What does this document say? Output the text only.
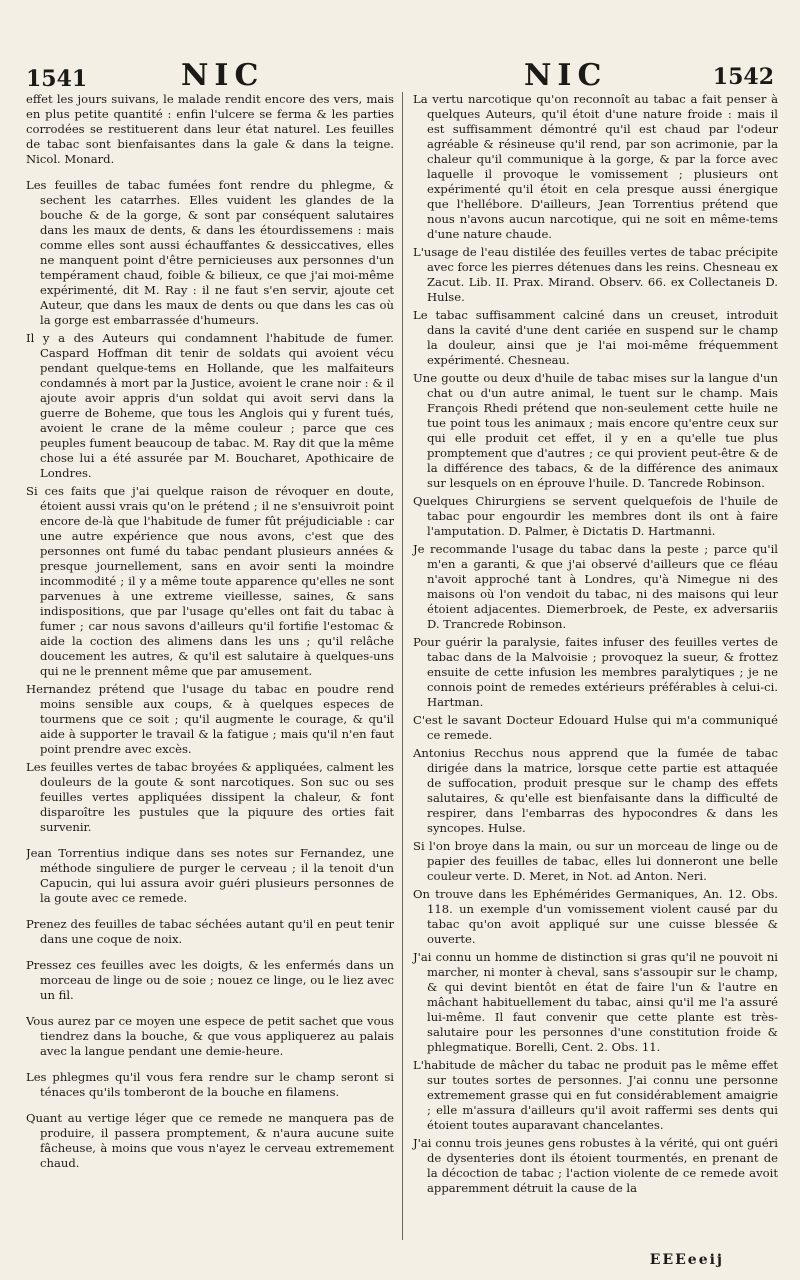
1541	NIC	NIC	1542

effet les jours suivans, le malade rendit encore des vers, mais en plus petite quantité : enfin l'ulcere se ferma & les parties corrodées se restituerent dans leur état naturel. Les feuilles de tabac sont bienfaisantes dans la gale & dans la teigne. Nicol. Monard.

Les feuilles de tabac fumées font rendre du phlegme, & sechent les catarrhes. Elles vuident les glandes de la bouche & de la gorge, & sont par conséquent salutaires dans les maux de dents, & dans les étourdissemens : mais comme elles sont aussi échauffantes & dessiccatives, elles ne manquent point d'être pernicieuses aux personnes d'un tempérament chaud, foible & bilieux, ce que j'ai moi-même expérimenté, dit M. Ray : il ne faut s'en servir, ajoute cet Auteur, que dans les maux de dents ou que dans les cas où la gorge est embarrassée d'humeurs.

Il y a des Auteurs qui condamnent l'habitude de fumer. Caspard Hoffman dit tenir de soldats qui avoient vécu pendant quelque-tems en Hollande, que les malfaiteurs condamnés à mort par la Justice, avoient le crane noir : & il ajoute avoir appris d'un soldat qui avoit servi dans la guerre de Boheme, que tous les Anglois qui y furent tués, avoient le crane de la même couleur ; parce que ces peuples fument beaucoup de tabac. M. Ray dit que la même chose lui a été assurée par M. Boucharet, Apothicaire de Londres.

Si ces faits que j'ai quelque raison de révoquer en doute, étoient aussi vrais qu'on le prétend ; il ne s'ensuivroit point encore de-là que l'habitude de fumer fût préjudiciable : car une autre expérience que nous avons, c'est que des personnes ont fumé du tabac pendant plusieurs années & presque journellement, sans en avoir senti la moindre incommodité ; il y a même toute apparence qu'elles ne sont parvenues à une extreme vieillesse, saines, & sans indispositions, que par l'usage qu'elles ont fait du tabac à fumer ; car nous savons d'ailleurs qu'il fortifie l'estomac & aide la coction des alimens dans les uns ; qu'il relâche doucement les autres, & qu'il est salutaire à quelques-uns qui ne le prennent même que par amusement.

Hernandez prétend que l'usage du tabac en poudre rend moins sensible aux coups, & à quelques especes de tourmens que ce soit ; qu'il augmente le courage, & qu'il aide à supporter le travail & la fatigue ; mais qu'il n'en faut point prendre avec excès.

Les feuilles vertes de tabac broyées & appliquées, calment les douleurs de la goute & sont narcotiques. Son suc ou ses feuilles vertes appliquées dissipent la chaleur, & font disparoître les pustules que la piquure des orties fait survenir.

Jean Torrentius indique dans ses notes sur Fernandez, une méthode singuliere de purger le cerveau ; il la tenoit d'un Capucin, qui lui assura avoir guéri plusieurs personnes de la goute avec ce remede.

Prenez des feuilles de tabac séchées autant qu'il en peut tenir dans une coque de noix.

Pressez ces feuilles avec les doigts, & les enfermés dans un morceau de linge ou de soie ; nouez ce linge, ou le liez avec un fil.

Vous aurez par ce moyen une espece de petit sachet que vous tiendrez dans la bouche, & que vous appliquerez au palais avec la langue pendant une demie-heure.

Les phlegmes qu'il vous fera rendre sur le champ seront si ténaces qu'ils tomberont de la bouche en filamens.

Quant au vertige léger que ce remede ne manquera pas de produire, il passera promptement, & n'aura aucune suite fâcheuse, à moins que vous n'ayez le cerveau extremement chaud.

La vertu narcotique qu'on reconnoît au tabac a fait penser à quelques Auteurs, qu'il étoit d'une nature froide : mais il est suffisamment démontré qu'il est chaud par l'odeur agréable & résineuse qu'il rend, par son acrimonie, par la chaleur qu'il communique à la gorge, & par la force avec laquelle il provoque le vomissement ; plusieurs ont expérimenté qu'il étoit en cela presque aussi énergique que l'hellébore. D'ailleurs, Jean Torrentius prétend que nous n'avons aucun narcotique, qui ne soit en même-tems d'une nature chaude.

L'usage de l'eau distilée des feuilles vertes de tabac précipite avec force les pierres détenues dans les reins. Chesneau ex Zacut. Lib. II. Prax. Mirand. Observ. 66. ex Collectaneis D. Hulse.

Le tabac suffisamment calciné dans un creuset, introduit dans la cavité d'une dent cariée en suspend sur le champ la douleur, ainsi que je l'ai moi-même fréquemment expérimenté. Chesneau.

Une goutte ou deux d'huile de tabac mises sur la langue d'un chat ou d'un autre animal, le tuent sur le champ. Mais François Rhedi prétend que non-seulement cette huile ne tue point tous les animaux ; mais encore qu'entre ceux sur qui elle produit cet effet, il y en a qu'elle tue plus promptement que d'autres ; ce qui provient peut-être & de la différence des tabacs, & de la différence des animaux sur lesquels on en éprouve l'huile. D. Tancrede Robinson.

Quelques Chirurgiens se servent quelquefois de l'huile de tabac pour engourdir les membres dont ils ont à faire l'amputation. D. Palmer, è Dictatis D. Hartmanni.

Je recommande l'usage du tabac dans la peste ; parce qu'il m'en a garanti, & que j'ai observé d'ailleurs que ce fléau n'avoit approché tant à Londres, qu'à Nimegue ni des maisons où l'on vendoit du tabac, ni des maisons qui leur étoient adjacentes. Diemerbroek, de Peste, ex adversariis D. Trancrede Robinson.

Pour guérir la paralysie, faites infuser des feuilles vertes de tabac dans de la Malvoisie ; provoquez la sueur, & frottez ensuite de cette infusion les membres paralytiques ; je ne connois point de remedes extérieurs préférables à celui-ci. Hartman.

C'est le savant Docteur Edouard Hulse qui m'a communiqué ce remede.

Antonius Recchus nous apprend que la fumée de tabac dirigée dans la matrice, lorsque cette partie est attaquée de suffocation, produit presque sur le champ des effets salutaires, & qu'elle est bienfaisante dans la difficulté de respirer, dans l'embarras des hypocondres & dans les syncopes. Hulse.

Si l'on broye dans la main, ou sur un morceau de linge ou de papier des feuilles de tabac, elles lui donneront une belle couleur verte. D. Meret, in Not. ad Anton. Neri.

On trouve dans les Ephémérides Germaniques, An. 12. Obs. 118. un exemple d'un vomissement violent causé par du tabac qu'on avoit appliqué sur une cuisse blessée & ouverte.

J'ai connu un homme de distinction si gras qu'il ne pouvoit ni marcher, ni monter à cheval, sans s'assoupir sur le champ, & qui devint bientôt en état de faire l'un & l'autre en mâchant habituellement du tabac, ainsi qu'il me l'a assuré lui-même. Il faut convenir que cette plante est très-salutaire pour les personnes d'une constitution froide & phlegmatique. Borelli, Cent. 2. Obs. 11.

L'habitude de mâcher du tabac ne produit pas le même effet sur toutes sortes de personnes. J'ai connu une personne extremement grasse qui en fut considérablement amaigrie ; elle m'assura d'ailleurs qu'il avoit raffermi ses dents qui étoient toutes auparavant chancelantes.

J'ai connu trois jeunes gens robustes à la vérité, qui ont guéri de dysenteries dont ils étoient tourmentés, en prenant de la décoction de tabac ; l'action violente de ce remede avoit apparemment détruit la cause de la

EEEeeij
